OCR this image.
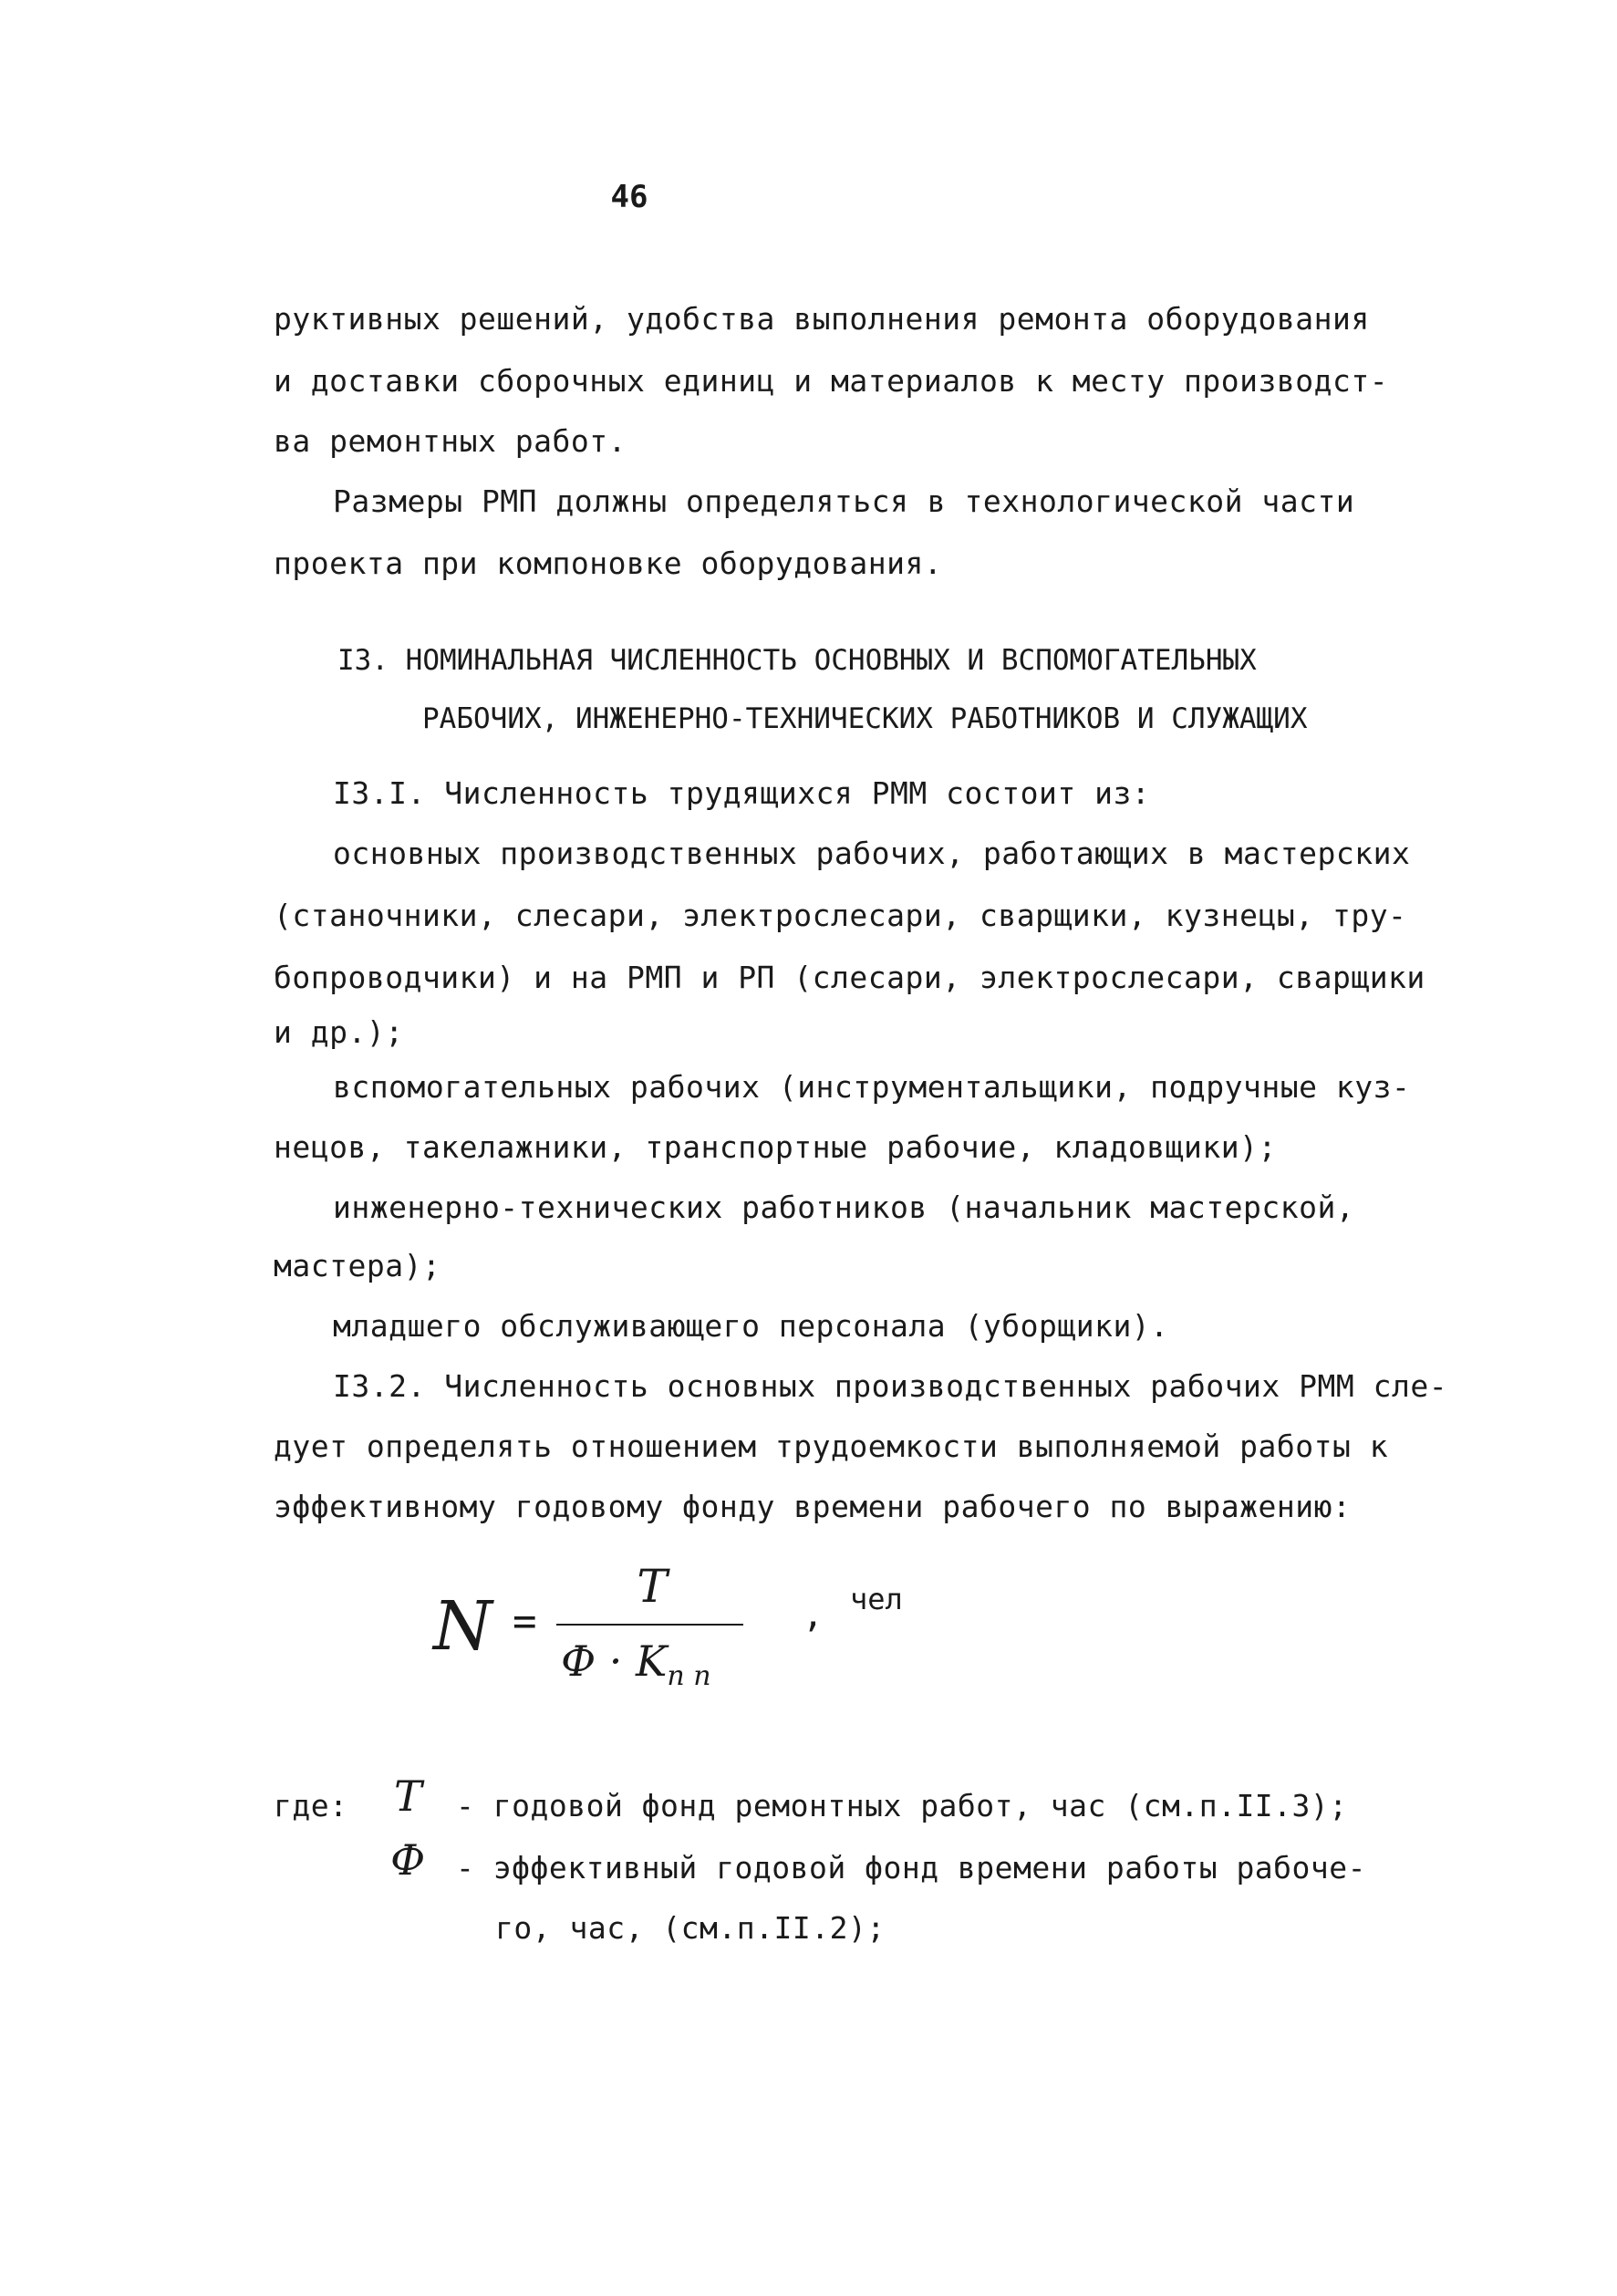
46
руктивных решений, удобства выполнения ремонта оборудования
и доставки сборочных единиц и материалов к месту производст-
ва ремонтных работ.
Размеры РМП должны определяться в технологической части
проекта при компоновке оборудования.
I3. НОМИНАЛЬНАЯ ЧИСЛЕННОСТЬ ОСНОВНЫХ И ВСПОМОГАТЕЛЬНЫХ
РАБОЧИХ, ИНЖЕНЕРНО-ТЕХНИЧЕСКИХ РАБОТНИКОВ И СЛУЖАЩИХ
I3.I. Численность трудящихся РММ состоит из:
основных производственных рабочих, работающих в мастерских
(станочники, слесари, электрослесари, сварщики, кузнецы, тру-
бопроводчики) и на РМП и РП (слесари, электрослесари, сварщики
и др.);
вспомогательных рабочих (инструментальщики, подручные куз-
нецов, такелажники, транспортные рабочие, кладовщики);
инженерно-технических работников (начальник мастерской,
мастера);
младшего обслуживающего персонала (уборщики).
I3.2. Численность основных производственных рабочих РММ сле-
дует определять отношением трудоемкости выполняемой работы к
эффективному годовому фонду времени рабочего по выражению:
N =
T
$Ф \cdot K_{п п}$
, чел
где: T - годовой фонд ремонтных работ, час (см.п.II.3);
Ф - эффективный годовой фонд времени работы рабоче-
го, час, (см.п.II.2);
